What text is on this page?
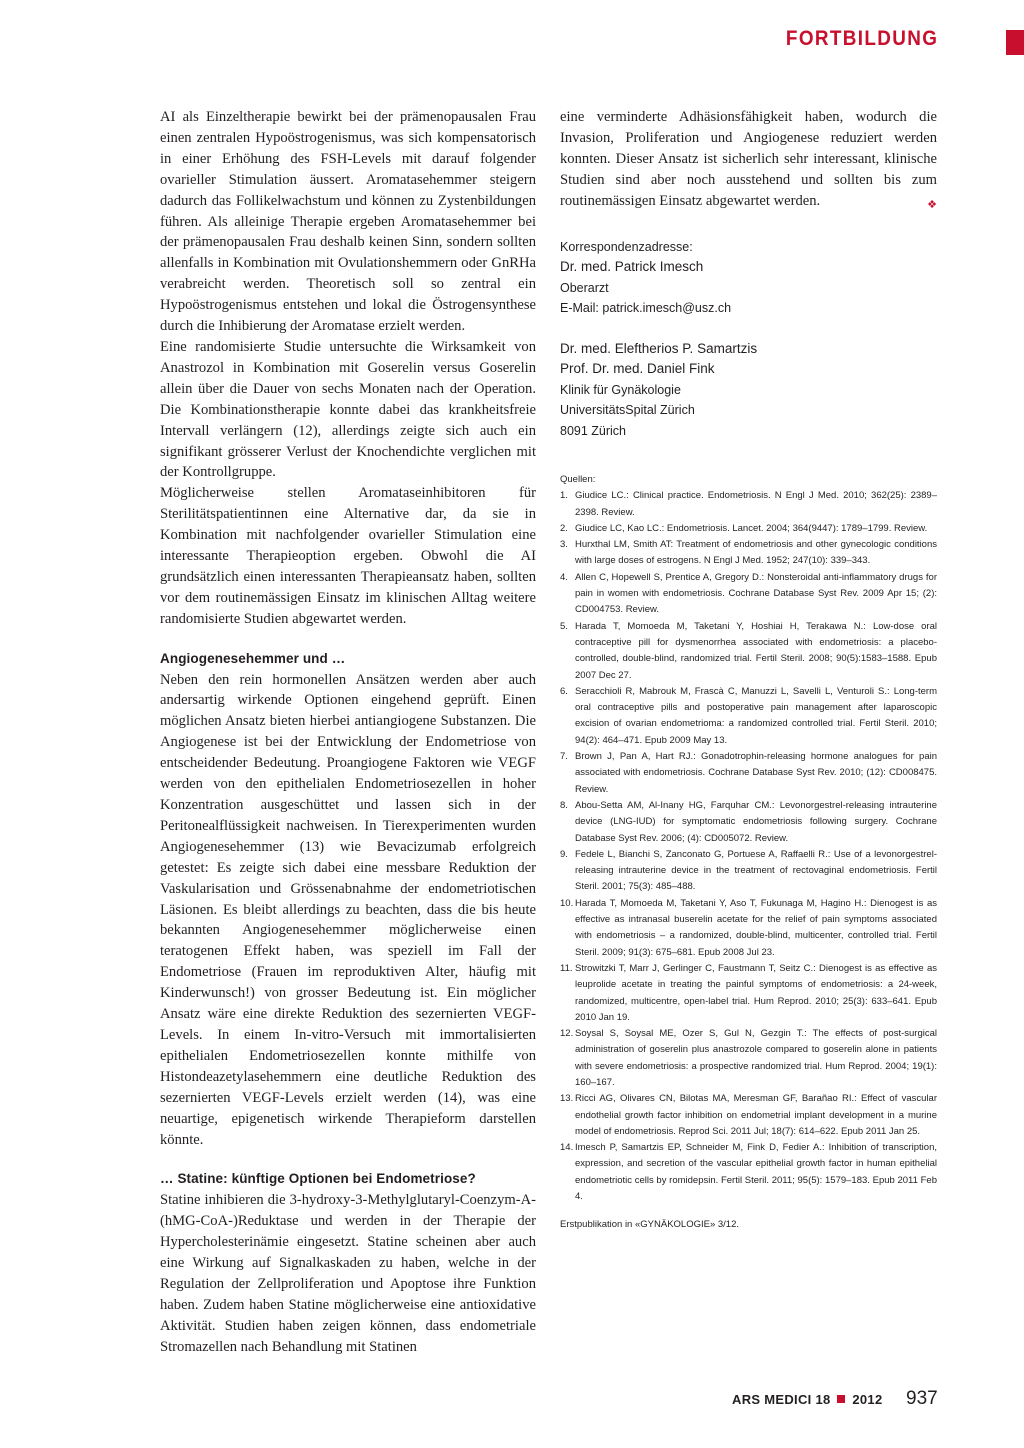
FORTBILDUNG

AI als Einzeltherapie bewirkt bei der prämenopausalen Frau einen zentralen Hypoöstrogenismus, was sich kompensatorisch in einer Erhöhung des FSH-Levels mit darauf folgender ovarieller Stimulation äussert. Aromatasehemmer steigern dadurch das Follikelwachstum und können zu Zystenbildungen führen. Als alleinige Therapie ergeben Aromatasehemmer bei der prämenopausalen Frau deshalb keinen Sinn, sondern sollten allenfalls in Kombination mit Ovulationshemmern oder GnRHa verabreicht werden. Theoretisch soll so zentral ein Hypoöstrogenismus entstehen und lokal die Östrogensynthese durch die Inhibierung der Aromatase erzielt werden.

Eine randomisierte Studie untersuchte die Wirksamkeit von Anastrozol in Kombination mit Goserelin versus Goserelin allein über die Dauer von sechs Monaten nach der Operation. Die Kombinationstherapie konnte dabei das krankheitsfreie Intervall verlängern (12), allerdings zeigte sich auch ein signifikant grösserer Verlust der Knochendichte verglichen mit der Kontrollgruppe.

Möglicherweise stellen Aromataseinhibitoren für Sterilitätspatientinnen eine Alternative dar, da sie in Kombination mit nachfolgender ovarieller Stimulation eine interessante Therapieoption ergeben. Obwohl die AI grundsätzlich einen interessanten Therapieansatz haben, sollten vor dem routinemässigen Einsatz im klinischen Alltag weitere randomisierte Studien abgewartet werden.

Angiogenesehemmer und …

Neben den rein hormonellen Ansätzen werden aber auch andersartig wirkende Optionen eingehend geprüft. Einen möglichen Ansatz bieten hierbei antiangiogene Substanzen. Die Angiogenese ist bei der Entwicklung der Endometriose von entscheidender Bedeutung. Proangiogene Faktoren wie VEGF werden von den epithelialen Endometriosezellen in hoher Konzentration ausgeschüttet und lassen sich in der Peritonealflüssigkeit nachweisen. In Tierexperimenten wurden Angiogenesehemmer (13) wie Bevacizumab erfolgreich getestet: Es zeigte sich dabei eine messbare Reduktion der Vaskularisation und Grössenabnahme der endometriotischen Läsionen. Es bleibt allerdings zu beachten, dass die bis heute bekannten Angiogenesehemmer möglicherweise einen teratogenen Effekt haben, was speziell im Fall der Endometriose (Frauen im reproduktiven Alter, häufig mit Kinderwunsch!) von grosser Bedeutung ist. Ein möglicher Ansatz wäre eine direkte Reduktion des sezernierten VEGF-Levels. In einem In-vitro-Versuch mit immortalisierten epithelialen Endometriosezellen konnte mithilfe von Histondeazetylasehemmern eine deutliche Reduktion des sezernierten VEGF-Levels erzielt werden (14), was eine neuartige, epigenetisch wirkende Therapieform darstellen könnte.

… Statine: künftige Optionen bei Endometriose?

Statine inhibieren die 3-hydroxy-3-Methylglutaryl-Coenzym-A-(hMG-CoA-)Reduktase und werden in der Therapie der Hypercholesterinämie eingesetzt. Statine scheinen aber auch eine Wirkung auf Signalkaskaden zu haben, welche in der Regulation der Zellproliferation und Apoptose ihre Funktion haben. Zudem haben Statine möglicherweise eine antioxidative Aktivität. Studien haben zeigen können, dass endometriale Stromazellen nach Behandlung mit Statinen

eine verminderte Adhäsionsfähigkeit haben, wodurch die Invasion, Proliferation und Angiogenese reduziert werden konnten. Dieser Ansatz ist sicherlich sehr interessant, klinische Studien sind aber noch ausstehend und sollten bis zum routinemässigen Einsatz abgewartet werden.	❖

Korrespondenzadresse:

Dr. med. Patrick Imesch

Oberarzt

E-Mail: patrick.imesch@usz.ch

Dr. med. Eleftherios P. Samartzis

Prof. Dr. med. Daniel Fink

Klinik für Gynäkologie

UniversitätsSpital Zürich

8091 Zürich

Quellen:

1. Giudice LC.: Clinical practice. Endometriosis. N Engl J Med. 2010; 362(25): 2389–2398. Review.
2. Giudice LC, Kao LC.: Endometriosis. Lancet. 2004; 364(9447): 1789–1799. Review.
3. Hurxthal LM, Smith AT: Treatment of endometriosis and other gynecologic conditions with large doses of estrogens. N Engl J Med. 1952; 247(10): 339–343.
4. Allen C, Hopewell S, Prentice A, Gregory D.: Nonsteroidal anti-inflammatory drugs for pain in women with endometriosis. Cochrane Database Syst Rev. 2009 Apr 15; (2): CD004753. Review.
5. Harada T, Momoeda M, Taketani Y, Hoshiai H, Terakawa N.: Low-dose oral contraceptive pill for dysmenorrhea associated with endometriosis: a placebo-controlled, double-blind, randomized trial. Fertil Steril. 2008; 90(5):1583–1588. Epub 2007 Dec 27.
6. Seracchioli R, Mabrouk M, Frascà C, Manuzzi L, Savelli L, Venturoli S.: Long-term oral contraceptive pills and postoperative pain management after laparoscopic excision of ovarian endometrioma: a randomized controlled trial. Fertil Steril. 2010; 94(2): 464–471. Epub 2009 May 13.
7. Brown J, Pan A, Hart RJ.: Gonadotrophin-releasing hormone analogues for pain associated with endometriosis. Cochrane Database Syst Rev. 2010; (12): CD008475. Review.
8. Abou-Setta AM, Al-Inany HG, Farquhar CM.: Levonorgestrel-releasing intrauterine device (LNG-IUD) for symptomatic endometriosis following surgery. Cochrane Database Syst Rev. 2006; (4): CD005072. Review.
9. Fedele L, Bianchi S, Zanconato G, Portuese A, Raffaelli R.: Use of a levonorgestrel-releasing intrauterine device in the treatment of rectovaginal endometriosis. Fertil Steril. 2001; 75(3): 485–488.
10. Harada T, Momoeda M, Taketani Y, Aso T, Fukunaga M, Hagino H.: Dienogest is as effective as intranasal buserelin acetate for the relief of pain symptoms associated with endometriosis – a randomized, double-blind, multicenter, controlled trial. Fertil Steril. 2009; 91(3): 675–681. Epub 2008 Jul 23.
11. Strowitzki T, Marr J, Gerlinger C, Faustmann T, Seitz C.: Dienogest is as effective as leuprolide acetate in treating the painful symptoms of endometriosis: a 24-week, randomized, multicentre, open-label trial. Hum Reprod. 2010; 25(3): 633–641. Epub 2010 Jan 19.
12. Soysal S, Soysal ME, Ozer S, Gul N, Gezgin T.: The effects of post-surgical administration of goserelin plus anastrozole compared to goserelin alone in patients with severe endometriosis: a prospective randomized trial. Hum Reprod. 2004; 19(1): 160–167.
13. Ricci AG, Olivares CN, Bilotas MA, Meresman GF, Barañao RI.: Effect of vascular endothelial growth factor inhibition on endometrial implant development in a murine model of endometriosis. Reprod Sci. 2011 Jul; 18(7): 614–622. Epub 2011 Jan 25.
14. Imesch P, Samartzis EP, Schneider M, Fink D, Fedier A.: Inhibition of transcription, expression, and secretion of the vascular epithelial growth factor in human epithelial endometriotic cells by romidepsin. Fertil Steril. 2011; 95(5): 1579–183. Epub 2011 Feb 4.

Erstpublikation in «GYNÄKOLOGIE» 3/12.

ARS MEDICI 18 2012 937
